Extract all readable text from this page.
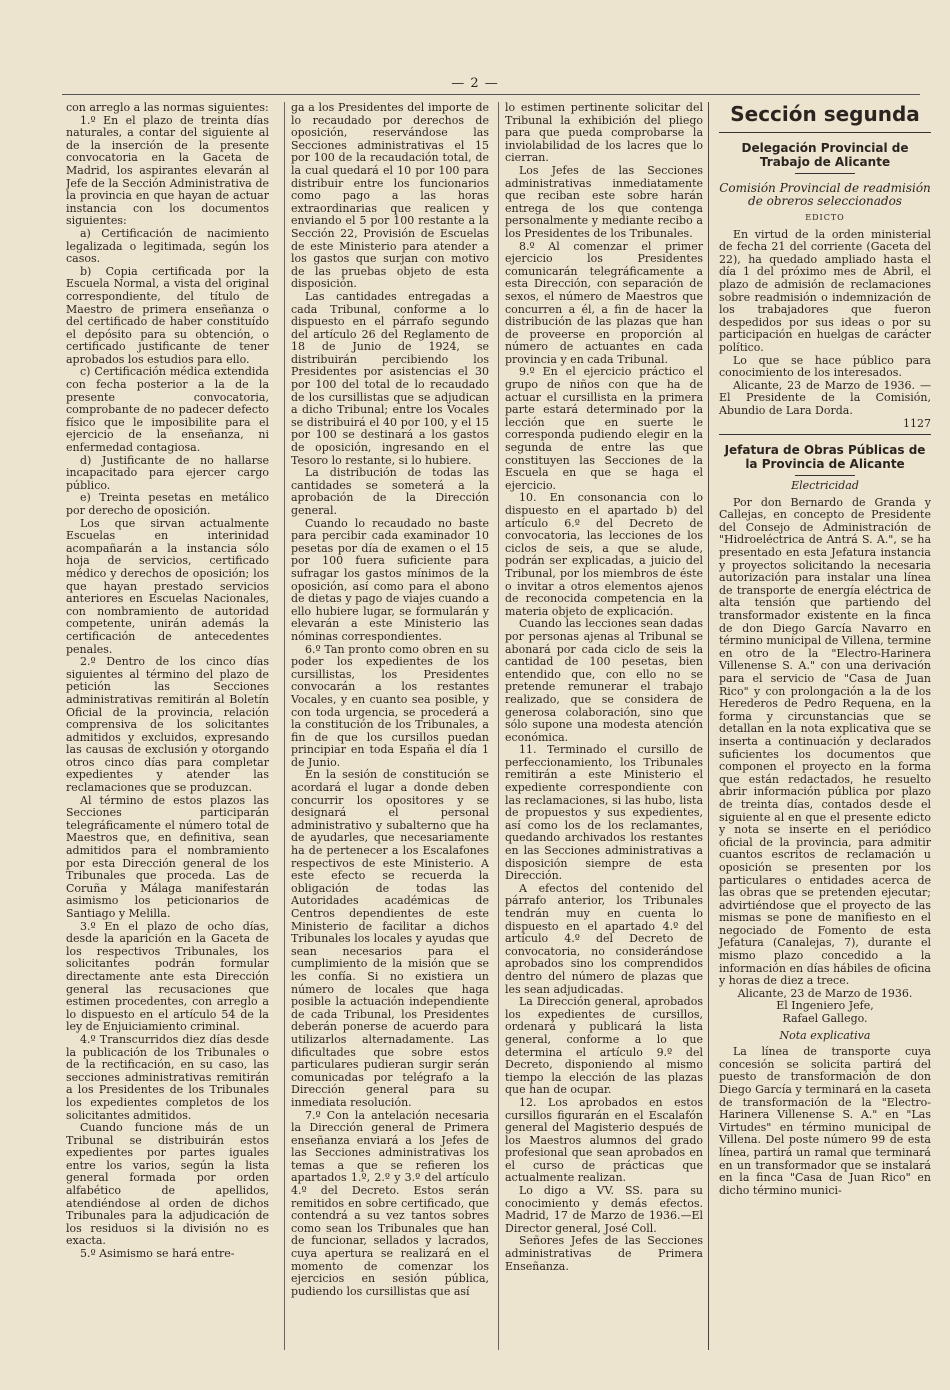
— 2 —

con arreglo a las normas siguientes:

1.º En el plazo de treinta días naturales, a contar del siguiente al de la inserción de la presente convocatoria en la Gaceta de Madrid, los aspirantes elevarán al Jefe de la Sección Administrativa de la provincia en que hayan de actuar instancia con los documentos siguientes:

a) Certificación de nacimiento legalizada o legitimada, según los casos.

b) Copia certificada por la Escuela Normal, a vista del original correspondiente, del título de Maestro de primera enseñanza o del certificado de haber constituído el depósito para su obtención, o certificado justificante de tener aprobados los estudios para ello.

c) Certificación médica extendida con fecha posterior a la de la presente convocatoria, comprobante de no padecer defecto físico que le imposibilite para el ejercicio de la enseñanza, ni enfermedad contagiosa.

d) Justificante de no hallarse incapacitado para ejercer cargo público.

e) Treinta pesetas en metálico por derecho de oposición.

Los que sirvan actualmente Escuelas en interinidad acompañarán a la instancia sólo hoja de servicios, certificado médico y derechos de oposición; los que hayan prestado servicios anteriores en Escuelas Nacionales, con nombramiento de autoridad competente, unirán además la certificación de antecedentes penales.

2.º Dentro de los cinco días siguientes al término del plazo de petición las Secciones administrativas remitirán al Boletín Oficial de la provincia, relación comprensiva de los solicitantes admitidos y excluidos, expresando las causas de exclusión y otorgando otros cinco días para completar expedientes y atender las reclamaciones que se produzcan.

Al término de estos plazos las Secciones participarán telegráficamente el número total de Maestros que, en definitiva, sean admitidos para el nombramiento por esta Dirección general de los Tribunales que proceda. Las de Coruña y Málaga manifestarán asimismo los peticionarios de Santiago y Melilla.

3.º En el plazo de ocho días, desde la aparición en la Gaceta de los respectivos Tribunales, los solicitantes podrán formular directamente ante esta Dirección general las recusaciones que estimen procedentes, con arreglo a lo dispuesto en el artículo 54 de la ley de Enjuiciamiento criminal.

4.º Transcurridos diez días desde la publicación de los Tribunales o de la rectificación, en su caso, las secciones administrativas remitirán a los Presidentes de los Tribunales los expedientes completos de los solicitantes admitidos.

Cuando funcione más de un Tribunal se distribuirán estos expedientes por partes iguales entre los varios, según la lista general formada por orden alfabético de apellidos, atendiéndose al orden de dichos Tribunales para la adjudicación de los residuos si la división no es exacta.

5.º Asimismo se hará entre-

ga a los Presidentes del importe de lo recaudado por derechos de oposición, reservándose las Secciones administrativas el 15 por 100 de la recaudación total, de la cual quedará el 10 por 100 para distribuir entre los funcionarios como pago a las horas extraordinarias que realicen y enviando el 5 por 100 restante a la Sección 22, Provisión de Escuelas de este Ministerio para atender a los gastos que surjan con motivo de las pruebas objeto de esta disposición.

Las cantidades entregadas a cada Tribunal, conforme a lo dispuesto en el párrafo segundo del artículo 26 del Reglamento de 18 de Junio de 1924, se distribuirán percibiendo los Presidentes por asistencias el 30 por 100 del total de lo recaudado de los cursillistas que se adjudican a dicho Tribunal; entre los Vocales se distribuirá el 40 por 100, y el 15 por 100 se destinará a los gastos de oposición, ingresando en el Tesoro lo restante, si lo hubiere.

La distribución de todas las cantidades se someterá a la aprobación de la Dirección general.

Cuando lo recaudado no baste para percibir cada examinador 10 pesetas por día de examen o el 15 por 100 fuera suficiente para sufragar los gastos mínimos de la oposición, así como para el abono de dietas y pago de viajes cuando a ello hubiere lugar, se formularán y elevarán a este Ministerio las nóminas correspondientes.

6.º Tan pronto como obren en su poder los expedientes de los cursillistas, los Presidentes convocarán a los restantes Vocales, y en cuanto sea posible, y con toda urgencia, se procederá a la constitución de los Tribunales, a fin de que los cursillos puedan principiar en toda España el día 1 de Junio.

En la sesión de constitución se acordará el lugar a donde deben concurrir los opositores y se designará el personal administrativo y subalterno que ha de ayudarles, que necesariamente ha de pertenecer a los Escalafones respectivos de este Ministerio. A este efecto se recuerda la obligación de todas las Autoridades académicas de Centros dependientes de este Ministerio de facilitar a dichos Tribunales los locales y ayudas que sean necesarios para el cumplimiento de la misión que se les confía. Si no existiera un número de locales que haga posible la actuación independiente de cada Tribunal, los Presidentes deberán ponerse de acuerdo para utilizarlos alternadamente. Las dificultades que sobre estos particulares pudieran surgir serán comunicadas por telégrafo a la Dirección general para su inmediata resolución.

7.º Con la antelación necesaria la Dirección general de Primera enseñanza enviará a los Jefes de las Secciones administrativas los temas a que se refieren los apartados 1.º, 2.º y 3.º del artículo 4.º del Decreto. Estos serán remitidos en sobre certificado, que contendrá a su vez tantos sobres como sean los Tribunales que han de funcionar, sellados y lacrados, cuya apertura se realizará en el momento de comenzar los ejercicios en sesión pública, pudiendo los cursillistas que así

lo estimen pertinente solicitar del Tribunal la exhibición del pliego para que pueda comprobarse la inviolabilidad de los lacres que lo cierran.

Los Jefes de las Secciones administrativas inmediatamente que reciban este sobre harán entrega de los que contenga personalmente y mediante recibo a los Presidentes de los Tribunales.

8.º Al comenzar el primer ejercicio los Presidentes comunicarán telegráficamente a esta Dirección, con separación de sexos, el número de Maestros que concurren a él, a fin de hacer la distribución de las plazas que han de proveerse en proporción al número de actuantes en cada provincia y en cada Tribunal.

9.º En el ejercicio práctico el grupo de niños con que ha de actuar el cursillista en la primera parte estará determinado por la lección que en suerte le corresponda pudiendo elegir en la segunda de entre las que constituyen las Secciones de la Escuela en que se haga el ejercicio.

10. En consonancia con lo dispuesto en el apartado b) del artículo 6.º del Decreto de convocatoria, las lecciones de los ciclos de seis, a que se alude, podrán ser explicadas, a juicio del Tribunal, por los miembros de éste o invitar a otros elementos ajenos de reconocida competencia en la materia objeto de explicación.

Cuando las lecciones sean dadas por personas ajenas al Tribunal se abonará por cada ciclo de seis la cantidad de 100 pesetas, bien entendido que, con ello no se pretende remunerar el trabajo realizado, que se considera de generosa colaboración, sino que sólo supone una modesta atención económica.

11. Terminado el cursillo de perfeccionamiento, los Tribunales remitirán a este Ministerio el expediente correspondiente con las reclamaciones, si las hubo, lista de propuestos y sus expedientes, así como los de los reclamantes, quedando archivados los restantes en las Secciones administrativas a disposición siempre de esta Dirección.

A efectos del contenido del párrafo anterior, los Tribunales tendrán muy en cuenta lo dispuesto en el apartado 4.º del artículo 4.º del Decreto de convocatoria, no considerándose aprobados sino los comprendidos dentro del número de plazas que les sean adjudicadas.

La Dirección general, aprobados los expedientes de cursillos, ordenará y publicará la lista general, conforme a lo que determina el artículo 9.º del Decreto, disponiendo al mismo tiempo la elección de las plazas que han de ocupar.

12. Los aprobados en estos cursillos figurarán en el Escalafón general del Magisterio después de los Maestros alumnos del grado profesional que sean aprobados en el curso de prácticas que actualmente realizan.

Lo digo a VV. SS. para su conocimiento y demás efectos. Madrid, 17 de Marzo de 1936.—El Director general, José Coll.

Señores Jefes de las Secciones administrativas de Primera Enseñanza.

Sección segunda
Delegación Provincial de Trabajo de Alicante
Comisión Provincial de readmisión de obreros seleccionados
EDICTO

En virtud de la orden ministerial de fecha 21 del corriente (Gaceta del 22), ha quedado ampliado hasta el día 1 del próximo mes de Abril, el plazo de admisión de reclamaciones sobre readmisión o indemnización de los trabajadores que fueron despedidos por sus ideas o por su participación en huelgas de carácter político.

Lo que se hace público para conocimiento de los interesados.

Alicante, 23 de Marzo de 1936. —El Presidente de la Comisión, Abundio de Lara Dorda.

1127

Jefatura de Obras Públicas de la Provincia de Alicante
Electricidad

Por don Bernardo de Granda y Callejas, en concepto de Presidente del Consejo de Administración de "Hidroeléctrica de Antrá S. A.", se ha presentado en esta Jefatura instancia y proyectos solicitando la necesaria autorización para instalar una línea de transporte de energía eléctrica de alta tensión que partiendo del transformador existente en la finca de don Diego García Navarro en término municipal de Villena, termine en otro de la "Electro-Harinera Villenense S. A." con una derivación para el servicio de "Casa de Juan Rico" y con prolongación a la de los Herederos de Pedro Requena, en la forma y circunstancias que se detallan en la nota explicativa que se inserta a continuación y declarados suficientes los documentos que componen el proyecto en la forma que están redactados, he resuelto abrir información pública por plazo de treinta días, contados desde el siguiente al en que el presente edicto y nota se inserte en el periódico oficial de la provincia, para admitir cuantos escritos de reclamación u oposición se presenten por los particulares o entidades acerca de las obras que se pretenden ejecutar; advirtiéndose que el proyecto de las mismas se pone de manifiesto en el negociado de Fomento de esta Jefatura (Canalejas, 7), durante el mismo plazo concedido a la información en días hábiles de oficina y horas de diez a trece.

Alicante, 23 de Marzo de 1936.

El Ingeniero Jefe,

Rafael Gallego.

Nota explicativa

La línea de transporte cuya concesión se solicita partirá del puesto de transformación de don Diego García y terminará en la caseta de transformación de la "Electro-Harinera Villenense S. A." en "Las Virtudes" en término municipal de Villena. Del poste número 99 de esta línea, partirá un ramal que terminará en un transformador que se instalará en la finca "Casa de Juan Rico" en dicho término munici-
